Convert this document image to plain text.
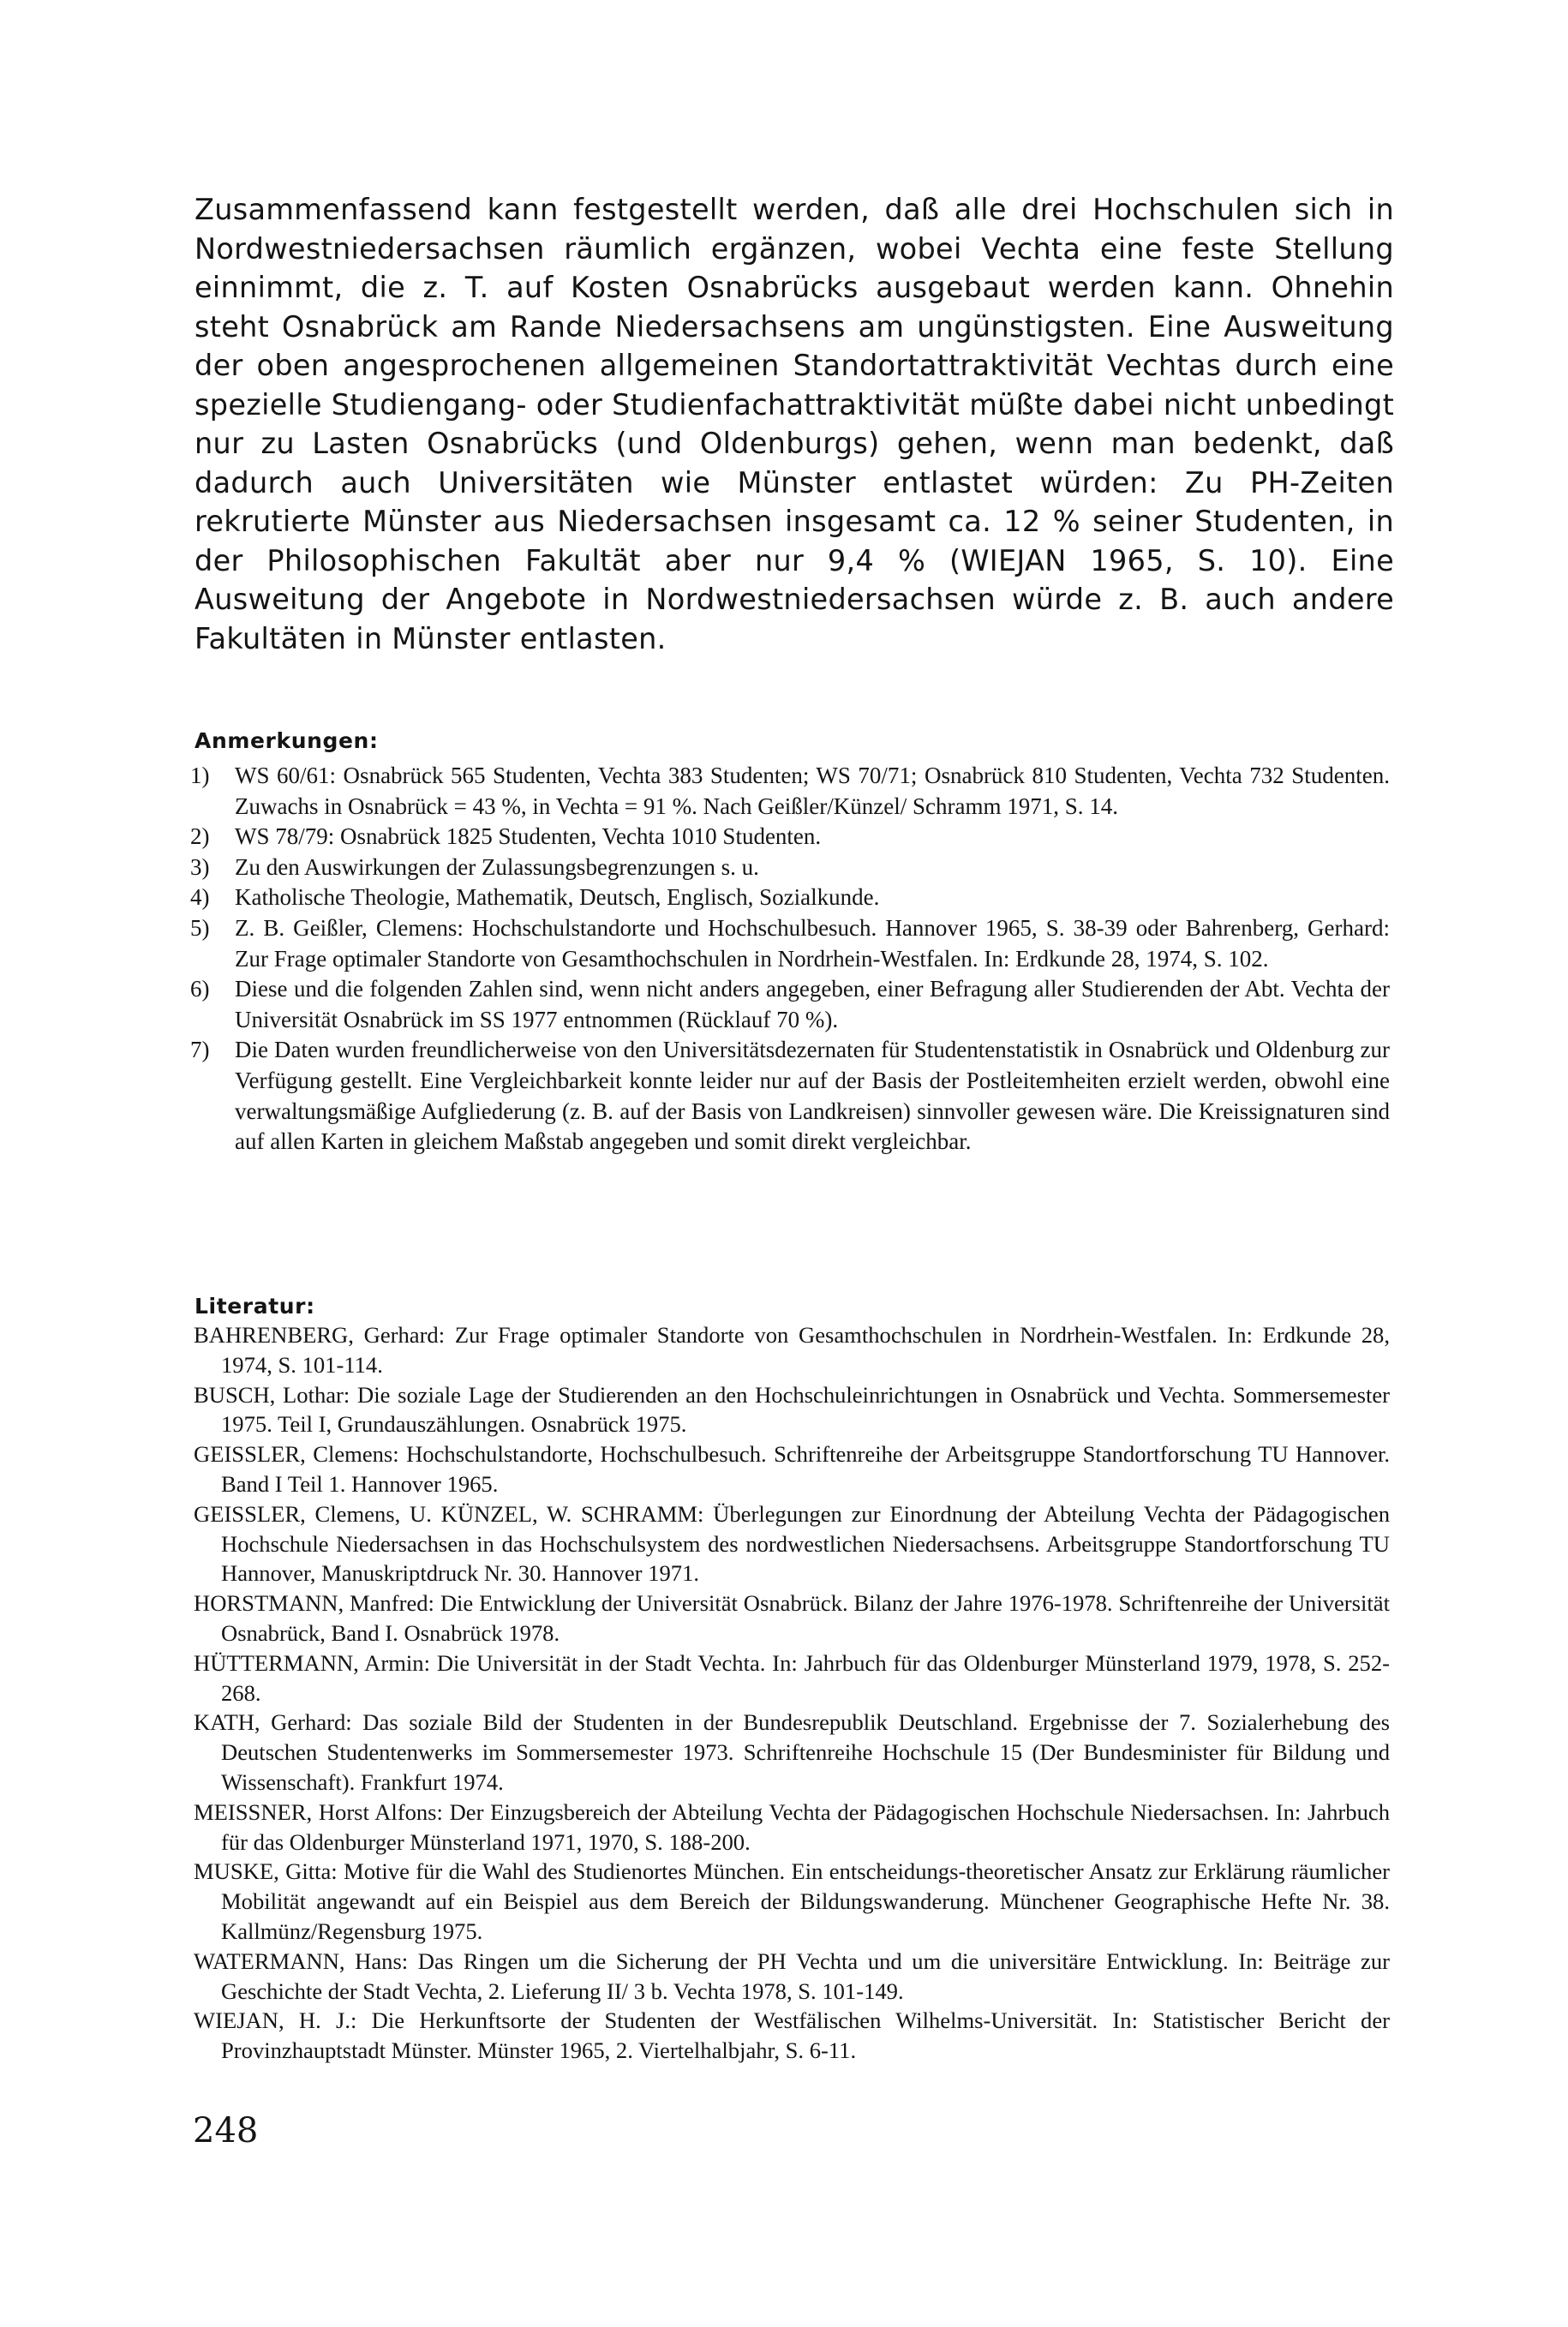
Zusammenfassend kann festgestellt werden, daß alle drei Hochschulen sich in Nordwestniedersachsen räumlich ergänzen, wobei Vechta eine feste Stellung einnimmt, die z. T. auf Kosten Osnabrücks ausgebaut werden kann. Ohnehin steht Osnabrück am Rande Niedersachsens am ungünstigsten. Eine Ausweitung der oben angesprochenen allgemeinen Standortattraktivität Vechtas durch eine spezielle Studiengang- oder Studienfachattraktivität müßte dabei nicht unbedingt nur zu Lasten Osnabrücks (und Oldenburgs) gehen, wenn man bedenkt, daß dadurch auch Universitäten wie Münster entlastet würden: Zu PH-Zeiten rekrutierte Münster aus Niedersachsen insgesamt ca. 12 % seiner Studenten, in der Philosophischen Fakultät aber nur 9,4 % (WIEJAN 1965, S. 10). Eine Ausweitung der Angebote in Nordwestniedersachsen würde z. B. auch andere Fakultäten in Münster entlasten.

Anmerkungen:
1)	WS 60/61: Osnabrück 565 Studenten, Vechta 383 Studenten; WS 70/71; Osnabrück 810 Studenten, Vechta 732 Studenten. Zuwachs in Osnabrück = 43 %, in Vechta = 91 %. Nach Geißler/Künzel/ Schramm 1971, S. 14.
2)	WS 78/79: Osnabrück 1825 Studenten, Vechta 1010 Studenten.
3)	Zu den Auswirkungen der Zulassungsbegrenzungen s. u.
4)	Katholische Theologie, Mathematik, Deutsch, Englisch, Sozialkunde.
5)	Z. B. Geißler, Clemens: Hochschulstandorte und Hochschulbesuch. Hannover 1965, S. 38-39 oder Bahrenberg, Gerhard: Zur Frage optimaler Standorte von Gesamthochschulen in Nordrhein-Westfalen. In: Erdkunde 28, 1974, S. 102.
6)	Diese und die folgenden Zahlen sind, wenn nicht anders angegeben, einer Befragung aller Studierenden der Abt. Vechta der Universität Osnabrück im SS 1977 entnommen (Rücklauf 70 %).
7)	Die Daten wurden freundlicherweise von den Universitätsdezernaten für Studentenstatistik in Osnabrück und Oldenburg zur Verfügung gestellt. Eine Vergleichbarkeit konnte leider nur auf der Basis der Postleitemheiten erzielt werden, obwohl eine verwaltungsmäßige Aufgliederung (z. B. auf der Basis von Landkreisen) sinnvoller gewesen wäre. Die Kreissignaturen sind auf allen Karten in gleichem Maßstab angegeben und somit direkt vergleichbar.
Literatur:
BAHRENBERG, Gerhard: Zur Frage optimaler Standorte von Gesamthochschulen in Nordrhein-Westfalen. In: Erdkunde 28, 1974, S. 101-114.
BUSCH, Lothar: Die soziale Lage der Studierenden an den Hochschuleinrichtungen in Osnabrück und Vechta. Sommersemester 1975. Teil I, Grundauszählungen. Osnabrück 1975.
GEISSLER, Clemens: Hochschulstandorte, Hochschulbesuch. Schriftenreihe der Arbeitsgruppe Standortforschung TU Hannover. Band I Teil 1. Hannover 1965.
GEISSLER, Clemens, U. KÜNZEL, W. SCHRAMM: Überlegungen zur Einordnung der Abteilung Vechta der Pädagogischen Hochschule Niedersachsen in das Hochschulsystem des nordwestlichen Niedersachsens. Arbeitsgruppe Standortforschung TU Hannover, Manuskriptdruck Nr. 30. Hannover 1971.
HORSTMANN, Manfred: Die Entwicklung der Universität Osnabrück. Bilanz der Jahre 1976-1978. Schriftenreihe der Universität Osnabrück, Band I. Osnabrück 1978.
HÜTTERMANN, Armin: Die Universität in der Stadt Vechta. In: Jahrbuch für das Oldenburger Münsterland 1979, 1978, S. 252-268.
KATH, Gerhard: Das soziale Bild der Studenten in der Bundesrepublik Deutschland. Ergebnisse der 7. Sozialerhebung des Deutschen Studentenwerks im Sommersemester 1973. Schriftenreihe Hochschule 15 (Der Bundesminister für Bildung und Wissenschaft). Frankfurt 1974.
MEISSNER, Horst Alfons: Der Einzugsbereich der Abteilung Vechta der Pädagogischen Hochschule Niedersachsen. In: Jahrbuch für das Oldenburger Münsterland 1971, 1970, S. 188-200.
MUSKE, Gitta: Motive für die Wahl des Studienortes München. Ein entscheidungs-theoretischer Ansatz zur Erklärung räumlicher Mobilität angewandt auf ein Beispiel aus dem Bereich der Bildungswanderung. Münchener Geographische Hefte Nr. 38. Kallmünz/Regensburg 1975.
WATERMANN, Hans: Das Ringen um die Sicherung der PH Vechta und um die universitäre Entwicklung. In: Beiträge zur Geschichte der Stadt Vechta, 2. Lieferung II/ 3 b. Vechta 1978, S. 101-149.
WIEJAN, H. J.: Die Herkunftsorte der Studenten der Westfälischen Wilhelms-Universität. In: Statistischer Bericht der Provinzhauptstadt Münster. Münster 1965, 2. Viertelhalbjahr, S. 6-11.

248
